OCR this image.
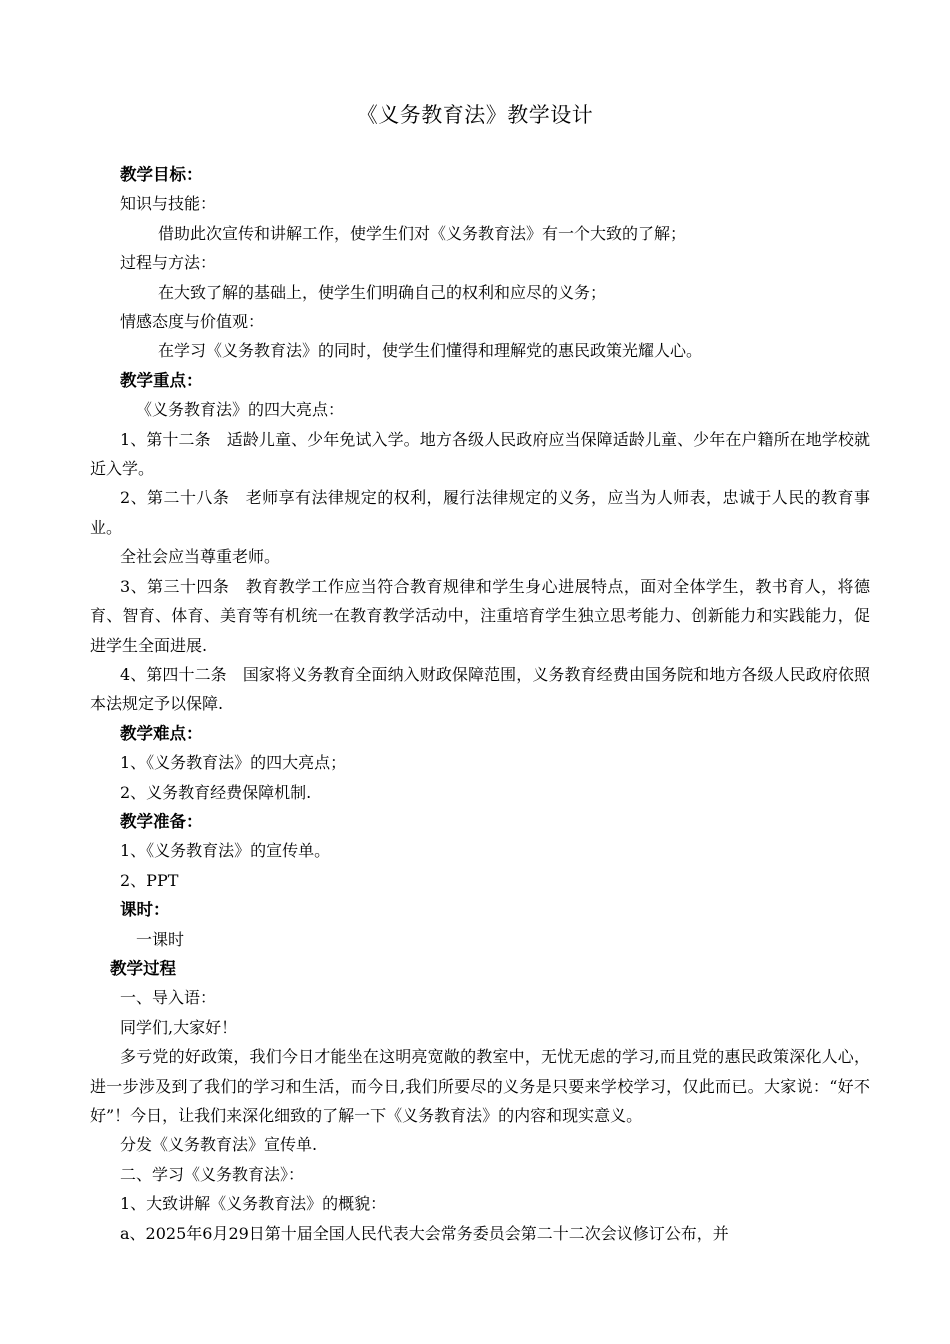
《义务教育法》教学设计
教学目标：
知识与技能：
借助此次宣传和讲解工作，使学生们对《义务教育法》有一个大致的了解；
过程与方法：
在大致了解的基础上，使学生们明确自己的权利和应尽的义务；
情感态度与价值观：
在学习《义务教育法》的同时，使学生们懂得和理解党的惠民政策光耀人心。
教学重点：
《义务教育法》的四大亮点：
1、第十二条　适龄儿童、少年免试入学。地方各级人民政府应当保障适龄儿童、少年在户籍所在地学校就近入学。
2、第二十八条　老师享有法律规定的权利，履行法律规定的义务，应当为人师表，忠诚于人民的教育事业。
全社会应当尊重老师。
3、第三十四条　教育教学工作应当符合教育规律和学生身心进展特点，面对全体学生，教书育人，将德育、智育、体育、美育等有机统一在教育教学活动中，注重培育学生独立思考能力、创新能力和实践能力，促进学生全面进展.
4、第四十二条　国家将义务教育全面纳入财政保障范围，义务教育经费由国务院和地方各级人民政府依照本法规定予以保障.
教学难点：
1、《义务教育法》的四大亮点；
2、义务教育经费保障机制.
教学准备：
1、《义务教育法》的宣传单。
2、PPT
课时：
一课时
教学过程
一、导入语：
同学们,大家好！
多亏党的好政策，我们今日才能坐在这明亮宽敞的教室中，无忧无虑的学习,而且党的惠民政策深化人心，进一步涉及到了我们的学习和生活，而今日,我们所要尽的义务是只要来学校学习，仅此而已。大家说：“好不好”！今日，让我们来深化细致的了解一下《义务教育法》的内容和现实意义。
分发《义务教育法》宣传单.
二、学习《义务教育法》：
1、大致讲解《义务教育法》的概貌：
a、2025年6月29日第十届全国人民代表大会常务委员会第二十二次会议修订公布，并
